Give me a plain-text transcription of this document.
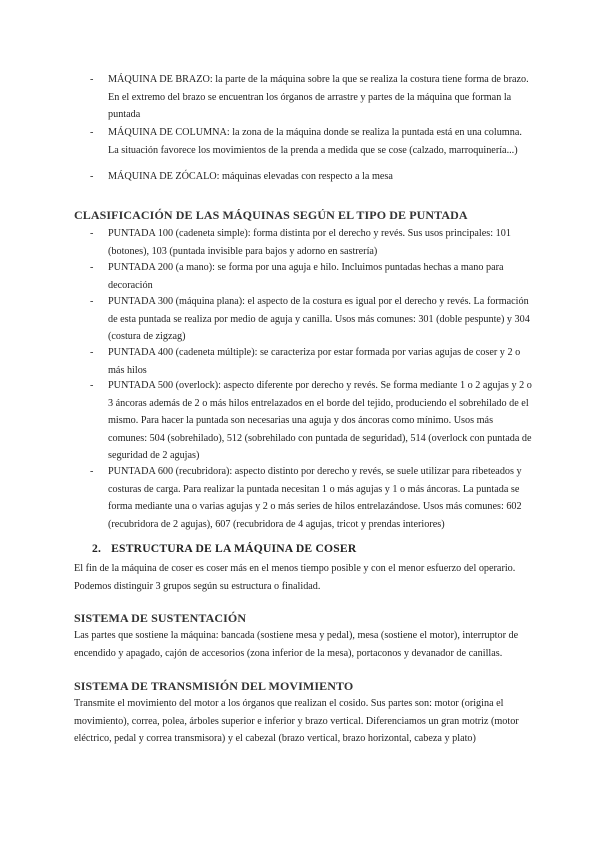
- MÁQUINA DE BRAZO: la parte de la máquina sobre la que se realiza la costura tiene forma de brazo. En el extremo del brazo se encuentran los órganos de arrastre y partes de la máquina que forman la puntada

- MÁQUINA DE COLUMNA: la zona de la máquina donde se realiza la puntada está en una columna. La situación favorece los movimientos de la prenda a medida que se cose (calzado, marroquinería...)

- MÁQUINA DE ZÓCALO: máquinas elevadas con respecto a la mesa

CLASIFICACIÓN DE LAS MÁQUINAS SEGÚN EL TIPO DE PUNTADA

- PUNTADA 100 (cadeneta simple): forma distinta por el derecho y revés. Sus usos principales: 101 (botones), 103 (puntada invisible para bajos y adorno en sastrería)

- PUNTADA 200 (a mano): se forma por una aguja e hilo. Incluimos puntadas hechas a mano para decoración

- PUNTADA 300 (máquina plana): el aspecto de la costura es igual por el derecho y revés. La formación de esta puntada se realiza por medio de aguja y canilla. Usos más comunes: 301 (doble pespunte) y 304 (costura de zigzag)

- PUNTADA 400 (cadeneta múltiple): se caracteriza por estar formada por varias agujas de coser y 2 o más hilos

- PUNTADA 500 (overlock): aspecto diferente por derecho y revés. Se forma mediante 1 o 2 agujas y 2 o 3 áncoras además de 2 o más hilos entrelazados en el borde del tejido, produciendo el sobrehilado de el mismo. Para hacer la puntada son necesarias una aguja y dos áncoras como mínimo. Usos más comunes: 504 (sobrehilado), 512 (sobrehilado con puntada de seguridad), 514 (overlock con puntada de seguridad de 2 agujas)

- PUNTADA 600 (recubridora): aspecto distinto por derecho y revés, se suele utilizar para ribeteados y costuras de carga. Para realizar la puntada necesitan 1 o más agujas y 1 o más áncoras. La puntada se forma mediante una o varias agujas y 2 o más series de hilos entrelazándose. Usos más comunes: 602 (recubridora de 2 agujas), 607 (recubridora de 4 agujas, tricot y prendas interiores)

2. ESTRUCTURA DE LA MÁQUINA DE COSER

El fin de la máquina de coser es coser más en el menos tiempo posible y con el menor esfuerzo del operario. Podemos distinguir 3 grupos según su estructura o finalidad.

SISTEMA DE SUSTENTACIÓN

Las partes que sostiene la máquina: bancada (sostiene mesa y pedal), mesa (sostiene el motor), interruptor de encendido y apagado, cajón de accesorios (zona inferior de la mesa), portaconos y devanador de canillas.

SISTEMA DE TRANSMISIÓN DEL MOVIMIENTO

Transmite el movimiento del motor a los órganos que realizan el cosido. Sus partes son: motor (origina el movimiento), correa, polea, árboles superior e inferior y brazo vertical. Diferenciamos un gran motriz (motor eléctrico, pedal y correa transmisora) y el cabezal (brazo vertical, brazo horizontal, cabeza y plato)
